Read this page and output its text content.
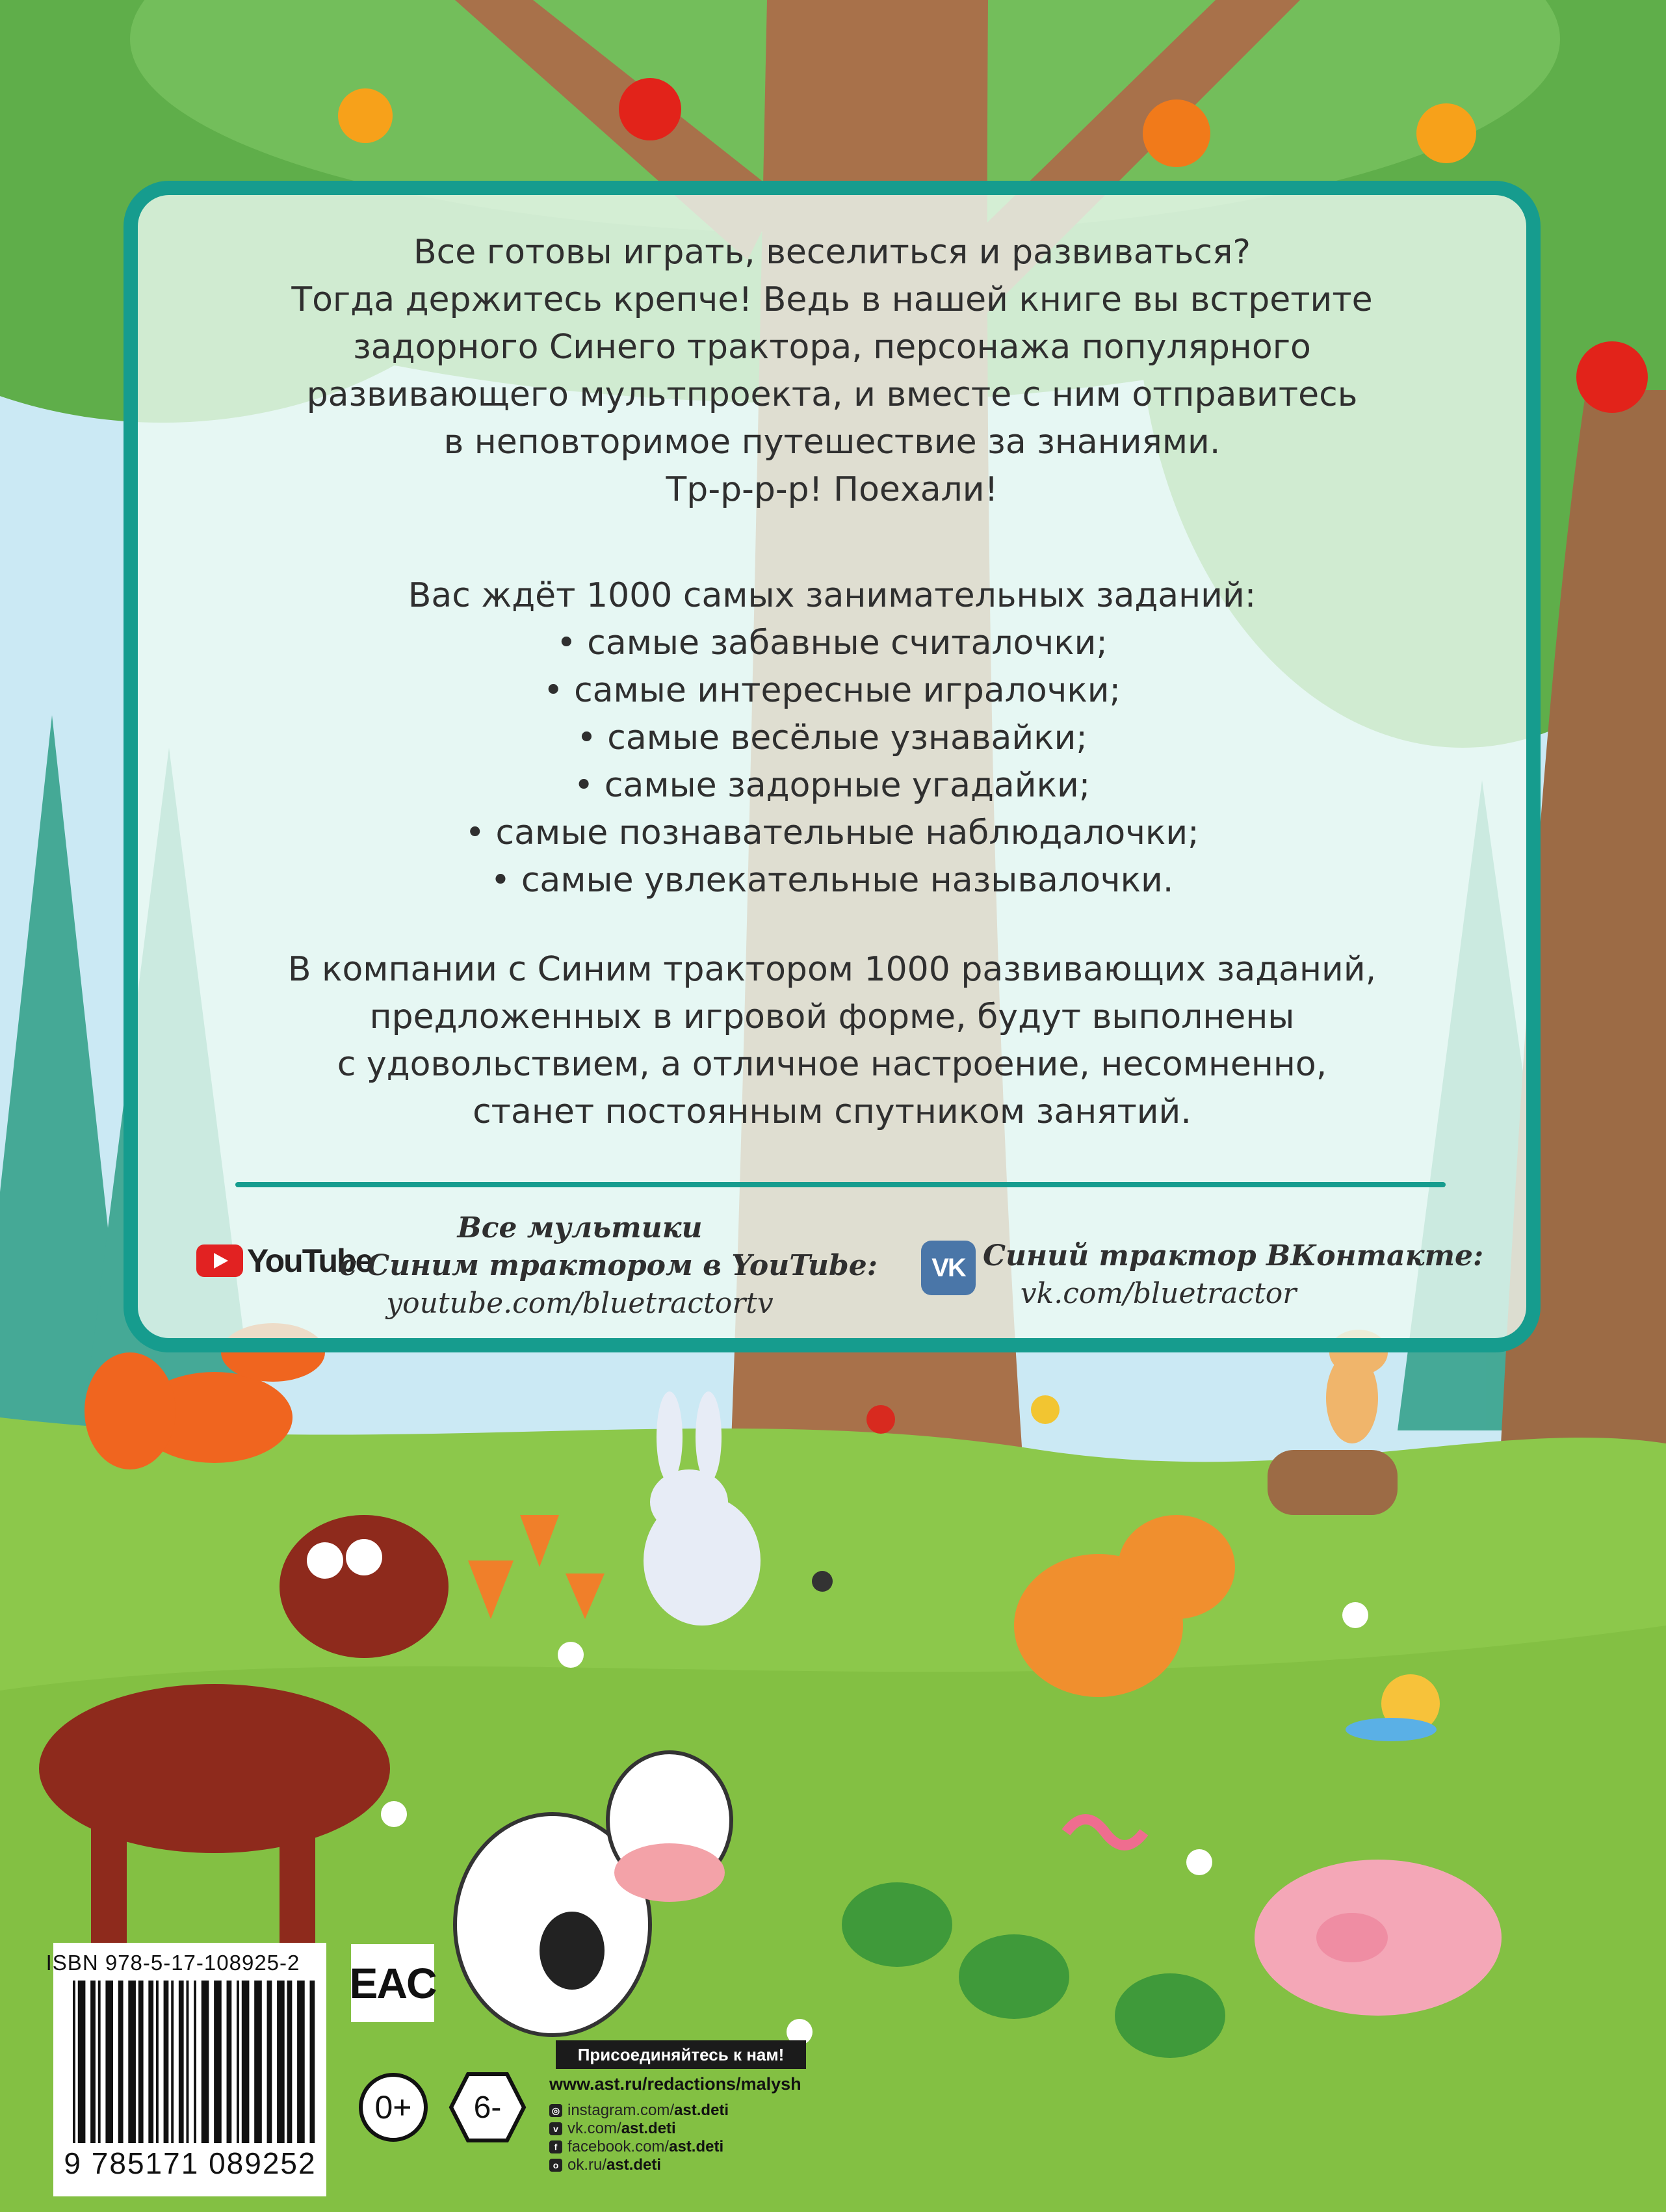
Все готовы играть, веселиться и развиваться?
Тогда держитесь крепче! Ведь в нашей книге вы встретите
задорного Синего трактора, персонажа популярного
развивающего мультпроекта, и вместе с ним отправитесь
в неповторимое путешествие за знаниями.
Тр-р-р-р! Поехали!
Вас ждёт 1000 самых занимательных заданий:
• самые забавные считалочки;
• самые интересные игралочки;
• самые весёлые узнавайки;
• самые задорные угадайки;
• самые познавательные наблюдалочки;
• самые увлекательные называлочки.
В компании с Синим трактором 1000 развивающих заданий,
предложенных в игровой форме, будут выполнены
с удовольствием, а отличное настроение, несомненно,
станет постоянным спутником занятий.
YouTube
Все мультики
с Синим трактором в YouTube:
youtube.com/bluetractortv
VK Синий трактор ВКонтакте:
vk.com/bluetractor
ISBN 978-5-17-108925-2
9 785171 089252
EAC
0+	6-
Присоединяйтесь к нам!
www.ast.ru/redactions/malysh
◎ instagram.com/ ast.deti
v vk.com/ ast.deti
f facebook.com/ ast.deti
o ok.ru/ ast.deti
